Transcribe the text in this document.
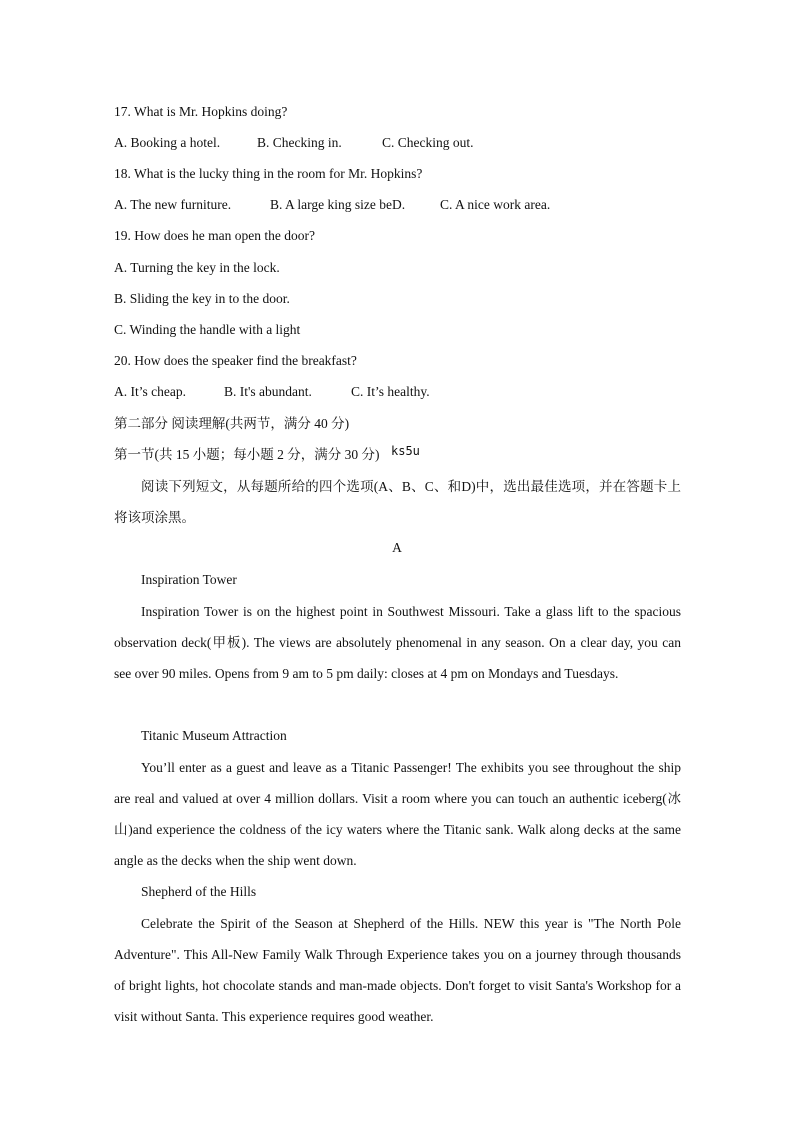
17. What is Mr. Hopkins doing?
A. Booking a hotel.	B. Checking in.	C. Checking out.
18. What is the lucky thing in the room for Mr. Hopkins?
A. The new furniture.	B. A large king size beD.	C. A nice work area.
19. How does he man open the door?
A. Turning the key in the lock.
B. Sliding the key in to the door.
C. Winding the handle with a light
20. How does the speaker find the breakfast?
A. It’s cheap.	B. It's abundant.	C. It’s healthy.
第二部分 阅读理解(共两节，满分 40 分)
第一节(共 15 小题；每小题 2 分，满分 30 分) ks5u
阅读下列短文，从每题所给的四个选项(A、B、C、和D)中，选出最佳选项，并在答题卡上将该项涂黑。
A
Inspiration Tower
Inspiration Tower is on the highest point in Southwest Missouri. Take a glass lift to the spacious observation deck(甲板). The views are absolutely phenomenal in any season. On a clear day, you can see over 90 miles. Opens from 9 am to 5 pm daily: closes at 4 pm on Mondays and Tuesdays.
Titanic Museum Attraction
You’ll enter as a guest and leave as a Titanic Passenger! The exhibits you see throughout the ship are real and valued at over 4 million dollars. Visit a room where you can touch an authentic iceberg(冰山)and experience the coldness of the icy waters where the Titanic sank. Walk along decks at the same angle as the decks when the ship went down.
Shepherd of the Hills
Celebrate the Spirit of the Season at Shepherd of the Hills. NEW this year is "The North Pole Adventure". This All-New Family Walk Through Experience takes you on a journey through thousands of bright lights, hot chocolate stands and man-made objects. Don't forget to visit Santa's Workshop for a visit without Santa. This experience requires good weather.
